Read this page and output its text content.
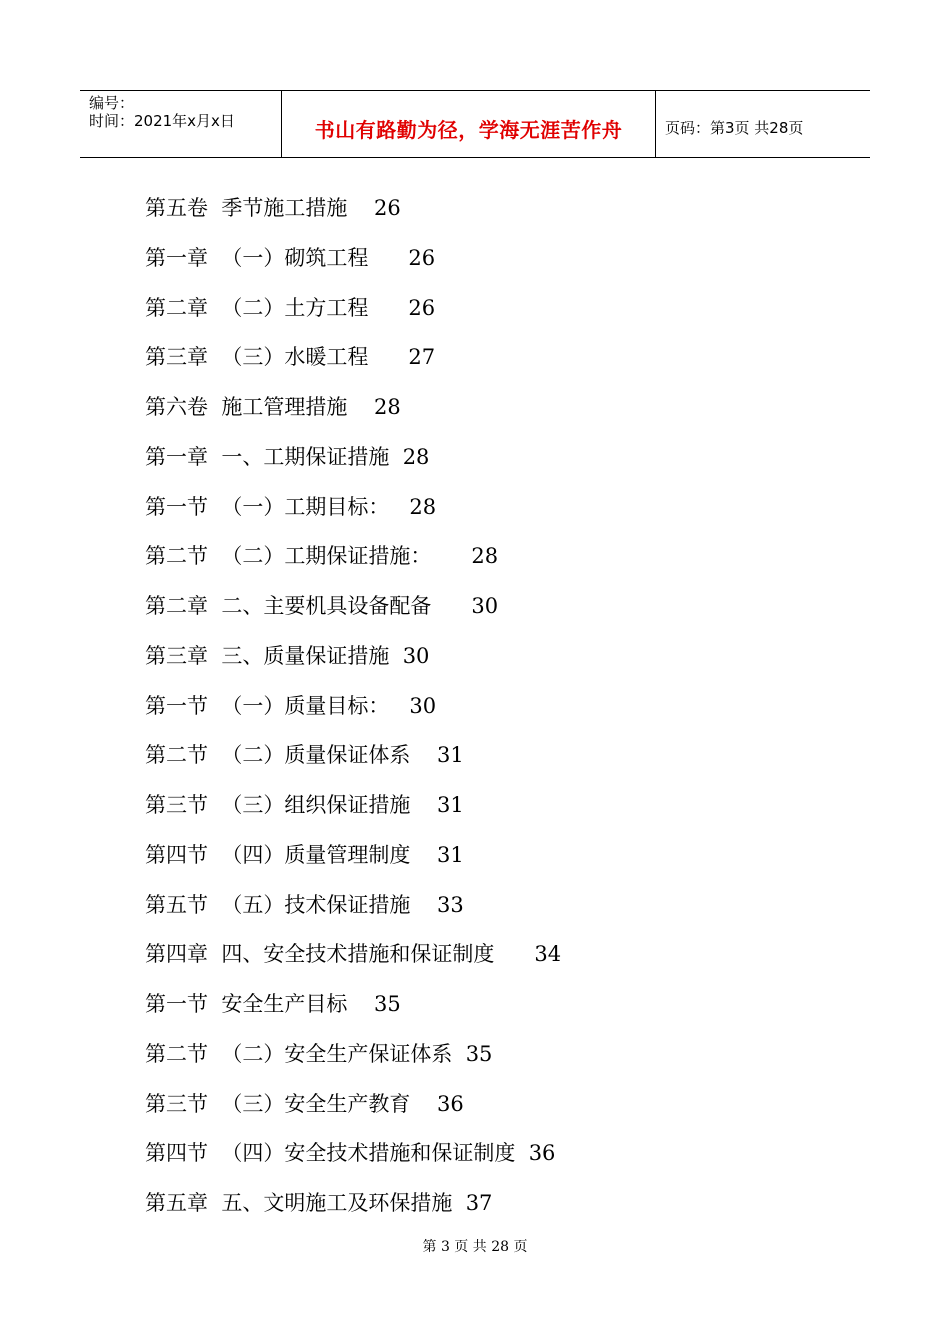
编号：
时间：2021年x月x日	书山有路勤为径，学海无涯苦作舟	页码：第3页 共28页
第五卷  季节施工措施    26
第一章  （一）砌筑工程      26
第二章  （二）土方工程      26
第三章  （三）水暖工程      27
第六卷  施工管理措施    28
第一章  一、工期保证措施  28
第一节  （一）工期目标：   28
第二节  （二）工期保证措施：      28
第二章  二、主要机具设备配备      30
第三章  三、质量保证措施  30
第一节  （一）质量目标：   30
第二节  （二）质量保证体系    31
第三节  （三）组织保证措施    31
第四节  （四）质量管理制度    31
第五节  （五）技术保证措施    33
第四章  四、安全技术措施和保证制度      34
第一节  安全生产目标    35
第二节  （二）安全生产保证体系  35
第三节  （三）安全生产教育    36
第四节  （四）安全技术措施和保证制度  36
第五章  五、文明施工及环保措施  37
第 3 页 共 28 页
